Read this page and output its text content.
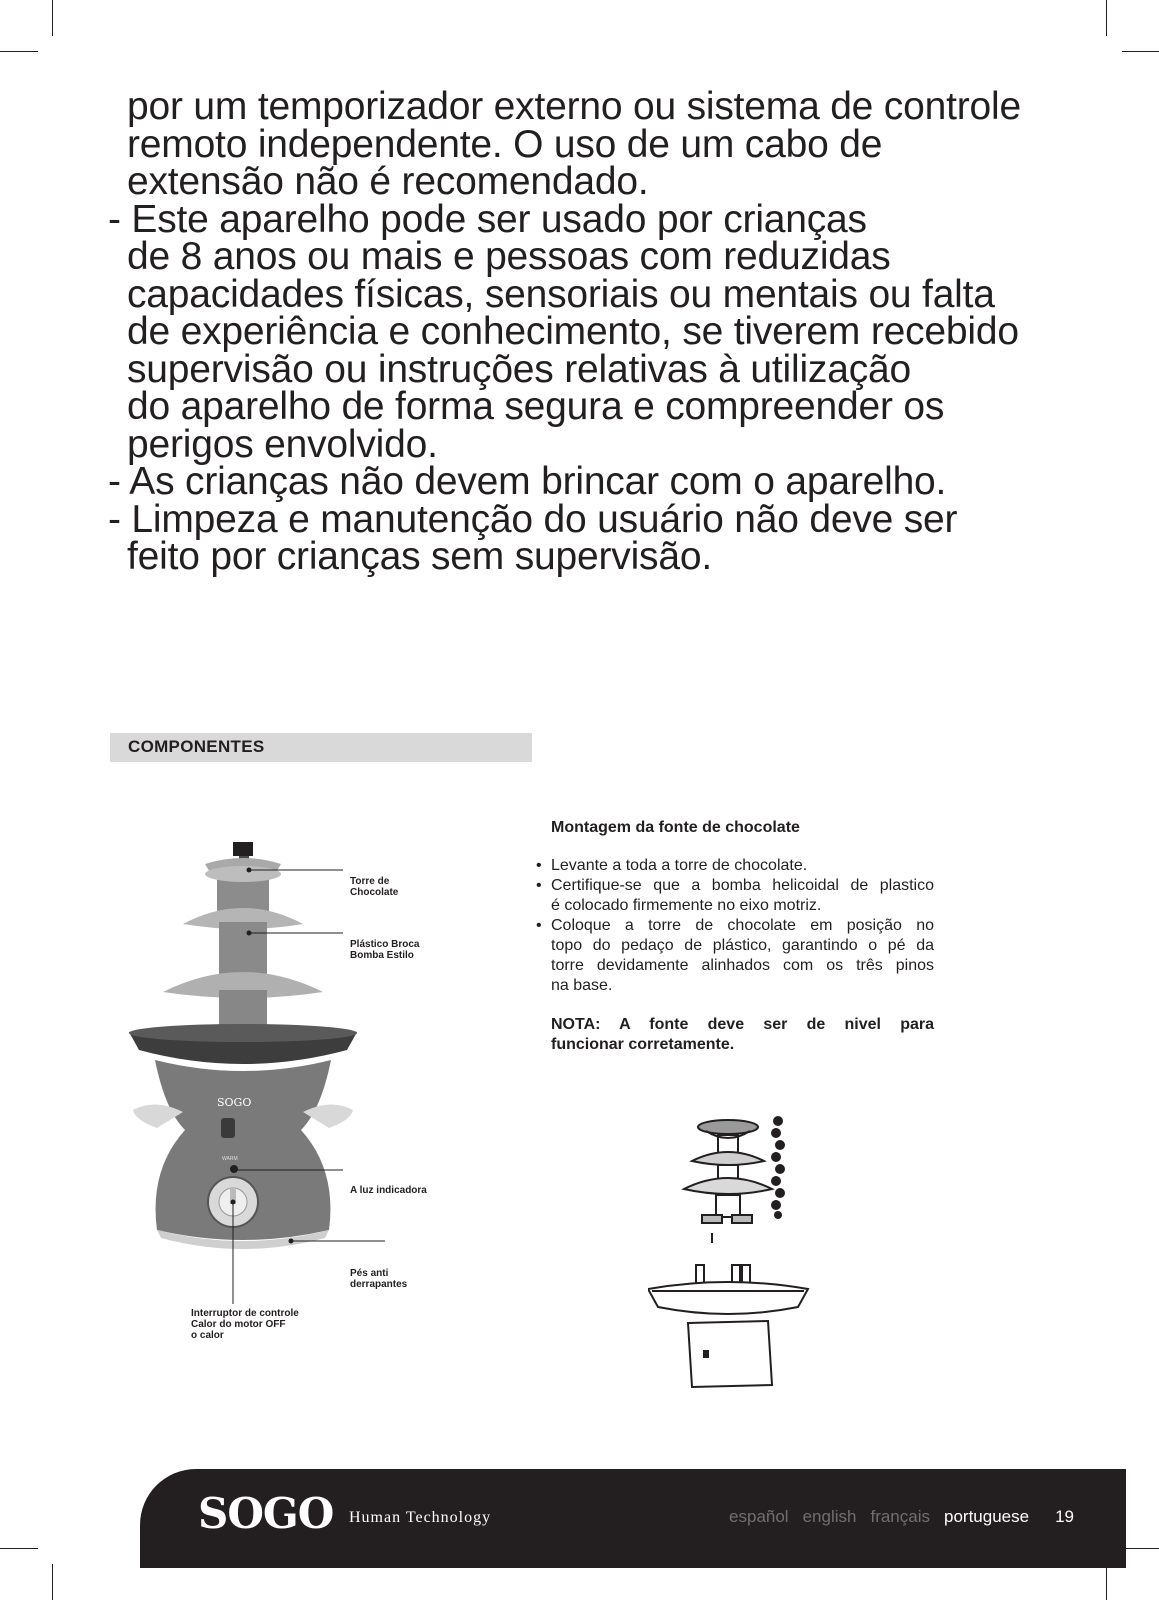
por um temporizador externo ou sistema de controle
remoto independente. O uso de um cabo de
extensão não é recomendado.
- Este aparelho pode ser usado por crianças
de 8 anos ou mais e pessoas com reduzidas
capacidades físicas, sensoriais ou mentais ou falta
de experiência e conhecimento, se tiverem recebido
supervisão ou instruções relativas à utilização
do aparelho de forma segura e compreender os
perigos envolvido.
- As crianças não devem brincar com o aparelho.
- Limpeza e manutenção do usuário não deve ser
feito por crianças sem supervisão.
COMPONENTES
SOGO
WARM
Torre de
Chocolate
Plástico Broca
Bomba Estilo
A luz indicadora
Pés anti
derrapantes
Interruptor de controle
Calor do motor OFF
o calor
Montagem da fonte de chocolate
• Levante a toda a torre de chocolate.
• Certifique-se que a bomba helicoidal de plastico
é colocado firmemente no eixo motriz.
• Coloque a torre de chocolate em posição no
topo do pedaço de plástico, garantindo o pé da
torre devidamente alinhados com os três pinos
na base.
NOTA: A fonte deve ser de nivel para
funcionar corretamente.
SOGO Human Technology	español english français portuguese 19
